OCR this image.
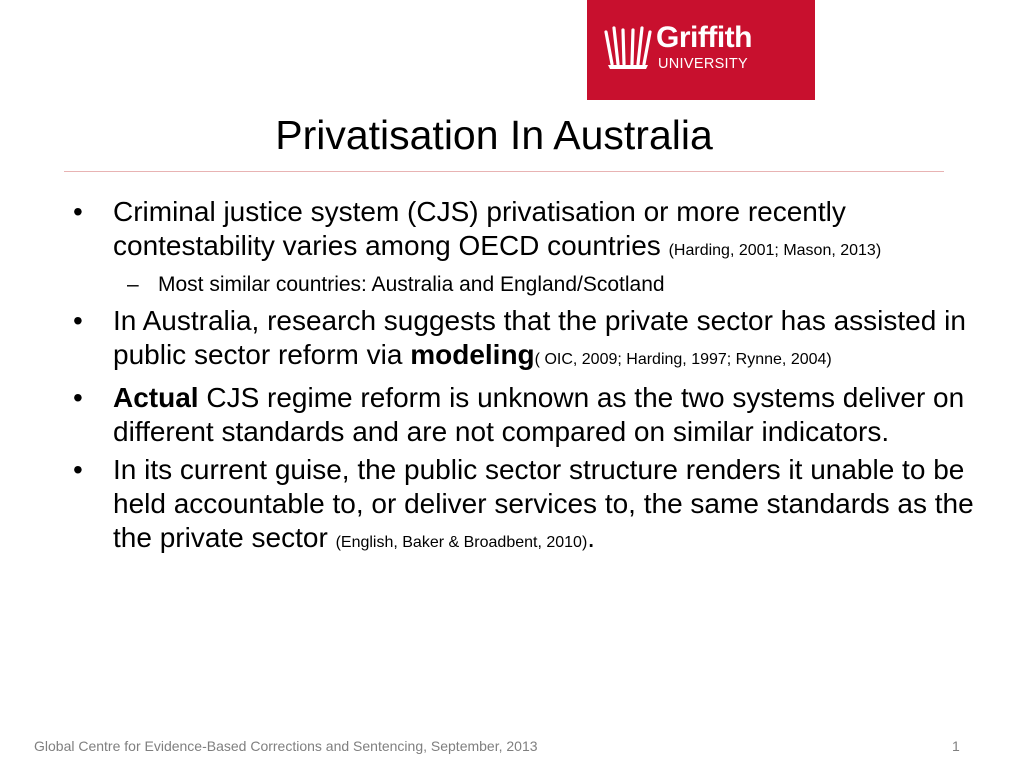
Griffith
UNIVERSITY
Privatisation In Australia
• Criminal justice system (CJS) privatisation or more recently contestability varies among OECD countries (Harding, 2001; Mason, 2013)
– Most similar countries: Australia and England/Scotland
• In Australia, research suggests that the private sector has assisted in public sector reform via modeling( OIC, 2009; Harding, 1997; Rynne, 2004)
• Actual CJS regime reform is unknown as the two systems deliver on different standards and are not compared on similar indicators.
• In its current guise, the public sector structure renders it unable to be held accountable to, or deliver services to, the same standards as the the private sector (English, Baker & Broadbent, 2010).
Global Centre for Evidence-Based Corrections and Sentencing, September, 2013	1
